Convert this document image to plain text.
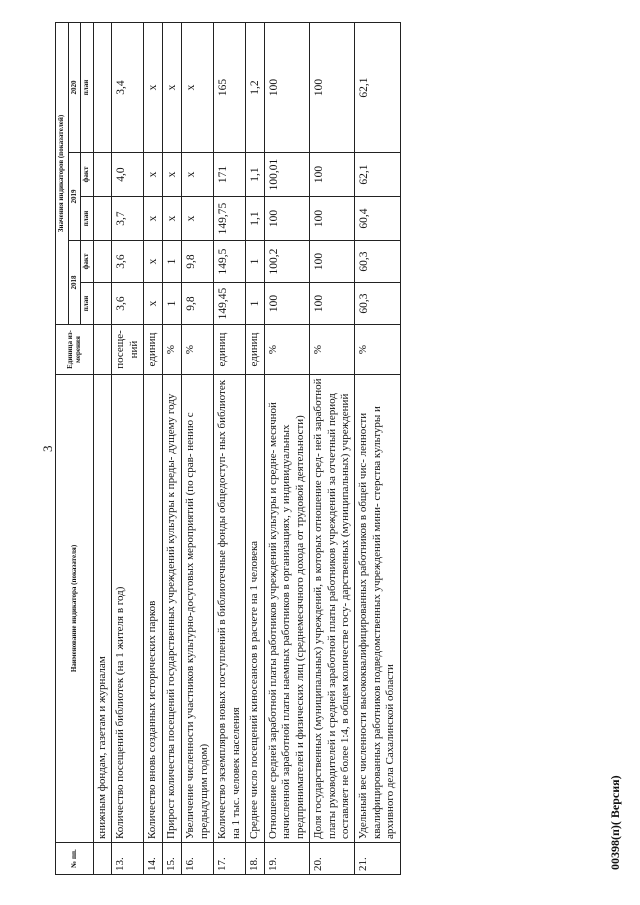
3
№ пп.	Наименование индикатора (показателя)	Единица из- мерения	Значения индикаторов (показателей)				
			2018		2019		2020
			план	факт	план	факт	план
	книжным фондам, газетам и журналам						
13.	Количество посещений библиотек (на 1 жителя в год)	посеще- ний	3,6	3,6	3,7	4,0	3,4
14.	Количество вновь созданных исторических парков	единиц	х	х	х	х	х
15.	Прирост количества посещений государственных учреждений культуры к преды- дущему году	%	1	1	х	х	х
16.	Увеличение численности участников культурно-досуговых мероприятий (по срав- нению с предыдущим годом)	%	9,8	9,8	х	х	х
17.	Количество экземпляров новых поступлений в библиотечные фонды общедоступ- ных библиотек на 1 тыс. человек населения	единиц	149,45	149,5	149,75	171	165
18.	Среднее число посещений киносеансов в расчете на 1 человека	единиц	1	1	1,1	1,1	1,2
19.	Отношение средней заработной платы работников учреждений культуры и средне- месячной начисленной заработной платы наемных работников в организациях, у индивидуальных предпринимателей и физических лиц (среднемесячного дохода от трудовой деятельности)	%	100	100,2	100	100,01	100
20.	Доля государственных (муниципальных) учреждений, в которых отношение сред- ней заработной платы руководителей и средней заработной платы работников учреждений за отчетный период составляет не более 1:4, в общем количестве госу- дарственных (муниципальных) учреждений	%	100	100	100	100	100
21.	Удельный вес численности высококвалифицированных работников в общей чис- ленности квалифицированных работников подведомственных учреждений мини- стерства культуры и архивного дела Сахалинской области	%	60,3	60,3	60,4	62,1	62,1
00398(п)( Версия)
